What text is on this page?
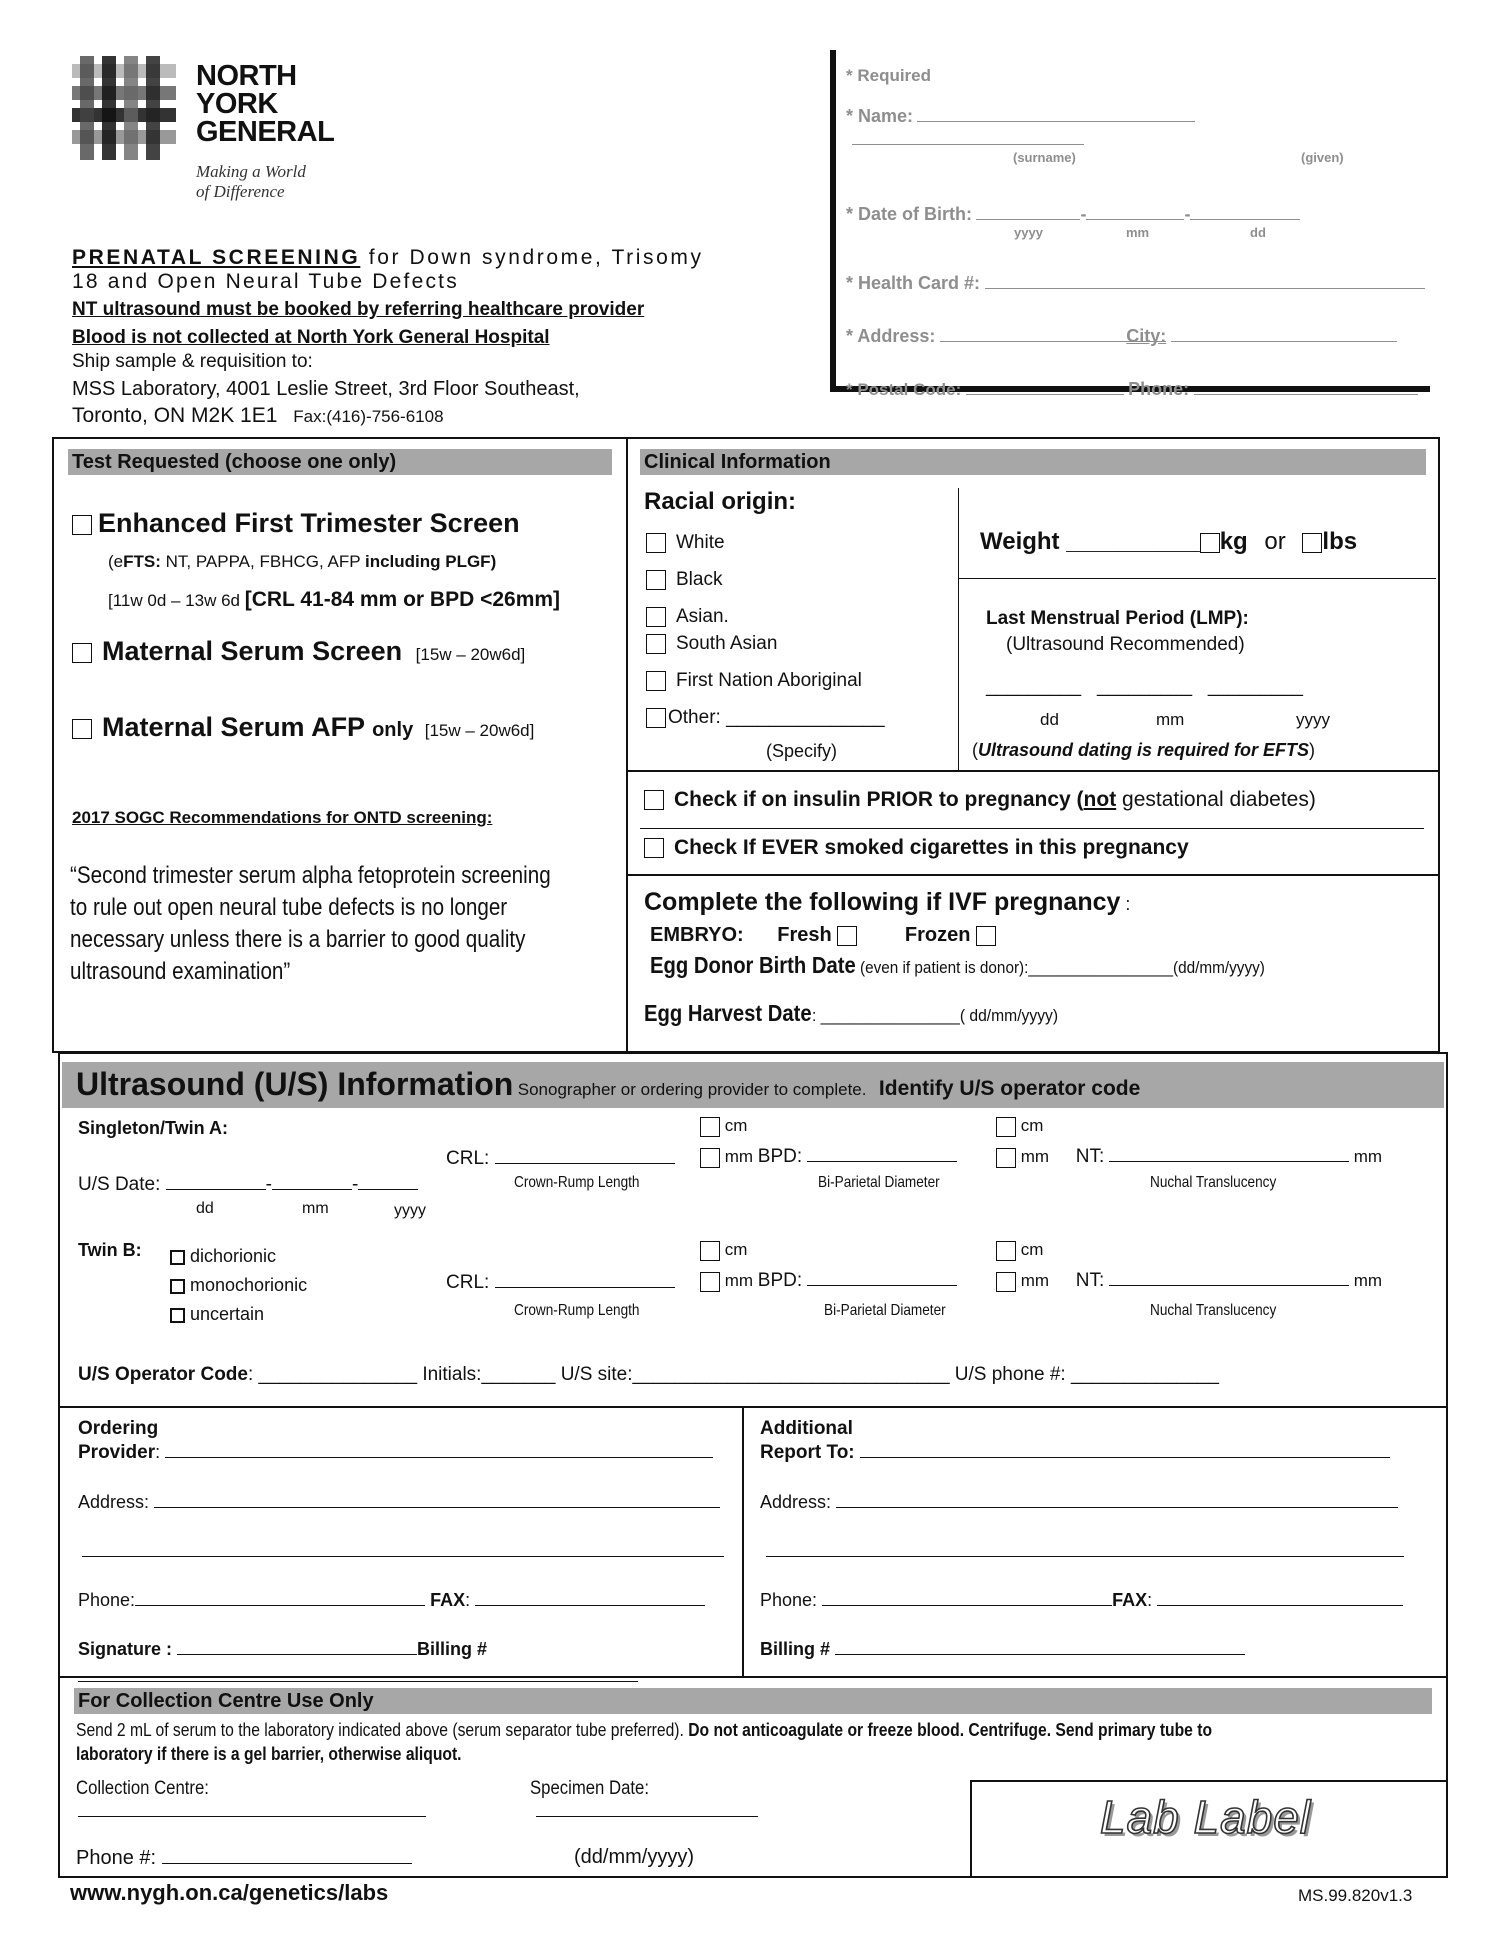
NORTH
YORK
GENERAL
Making a World
of Difference
PRENATAL SCREENING for Down syndrome, Trisomy
18 and Open Neural Tube Defects
NT ultrasound must be booked by referring healthcare provider
Blood is not collected at North York General Hospital
Ship sample & requisition to:
MSS Laboratory, 4001 Leslie Street, 3rd Floor Southeast,
Toronto, ON M2K 1E1 Fax:(416)-756-6108
* Required
* Name:
(surname)	(given)
* Date of Birth:	-	-
yyyy	mm	dd
* Health Card #:
* Address:	City:
* Postal Code:	Phone:
Test Requested (choose one only)
Enhanced First Trimester Screen
(eFTS: NT, PAPPA, FBHCG, AFP including PLGF)
[11w 0d – 13w 6d [CRL 41-84 mm or BPD <26mm]
Maternal Serum Screen [15w – 20w6d]
Maternal Serum AFP only [15w – 20w6d]
2017 SOGC Recommendations for ONTD screening:
“Second trimester serum alpha fetoprotein screening
to rule out open neural tube defects is no longer
necessary unless there is a barrier to good quality
ultrasound examination”
Clinical Information
Racial origin:
White
Black
Asian.
South Asian
First Nation Aboriginal
Other: _______________
(Specify)
Weight __________ kg or lbs
Last Menstrual Period (LMP):
(Ultrasound Recommended)
_________   _________   _________
dd	mm	yyyy
(Ultrasound dating is required for EFTS)
Check if on insulin PRIOR to pregnancy (not gestational diabetes)
Check If EVER smoked cigarettes in this pregnancy
Complete the following if IVF pregnancy :
EMBRYO: Fresh	Frozen
Egg Donor Birth Date (even if patient is donor):_________________(dd/mm/yyyy)
Egg Harvest Date: ________________( dd/mm/yyyy)
Ultrasound (U/S) Information Sonographer or ordering provider to complete. Identify U/S operator code
Singleton/Twin A:
U/S Date:	-	-
dd	mm	yyyy
cm
CRL:	mm BPD:
cm
mm NT:	mm
Crown-Rump Length	Bi-Parietal Diameter	Nuchal Translucency
Twin B:	dichorionic
monochorionic
uncertain
cm
CRL:	mm BPD:
cm
mm NT:	mm
Crown-Rump Length	Bi-Parietal Diameter	Nuchal Translucency
U/S Operator Code: _______________ Initials:_______ U/S site:______________________________ U/S phone #: ______________
Ordering
Provider:
Address:
Phone:	FAX:
Signature :	Billing #
Additional
Report To:
Address:
Phone:	FAX:
Billing #
For Collection Centre Use Only
Send 2 mL of serum to the laboratory indicated above (serum separator tube preferred). Do not anticoagulate or freeze blood. Centrifuge. Send primary tube to
laboratory if there is a gel barrier, otherwise aliquot.
Collection Centre:	Specimen Date:
Phone #:	(dd/mm/yyyy)
Lab Label
www.nygh.on.ca/genetics/labs	MS.99.820v1.3
